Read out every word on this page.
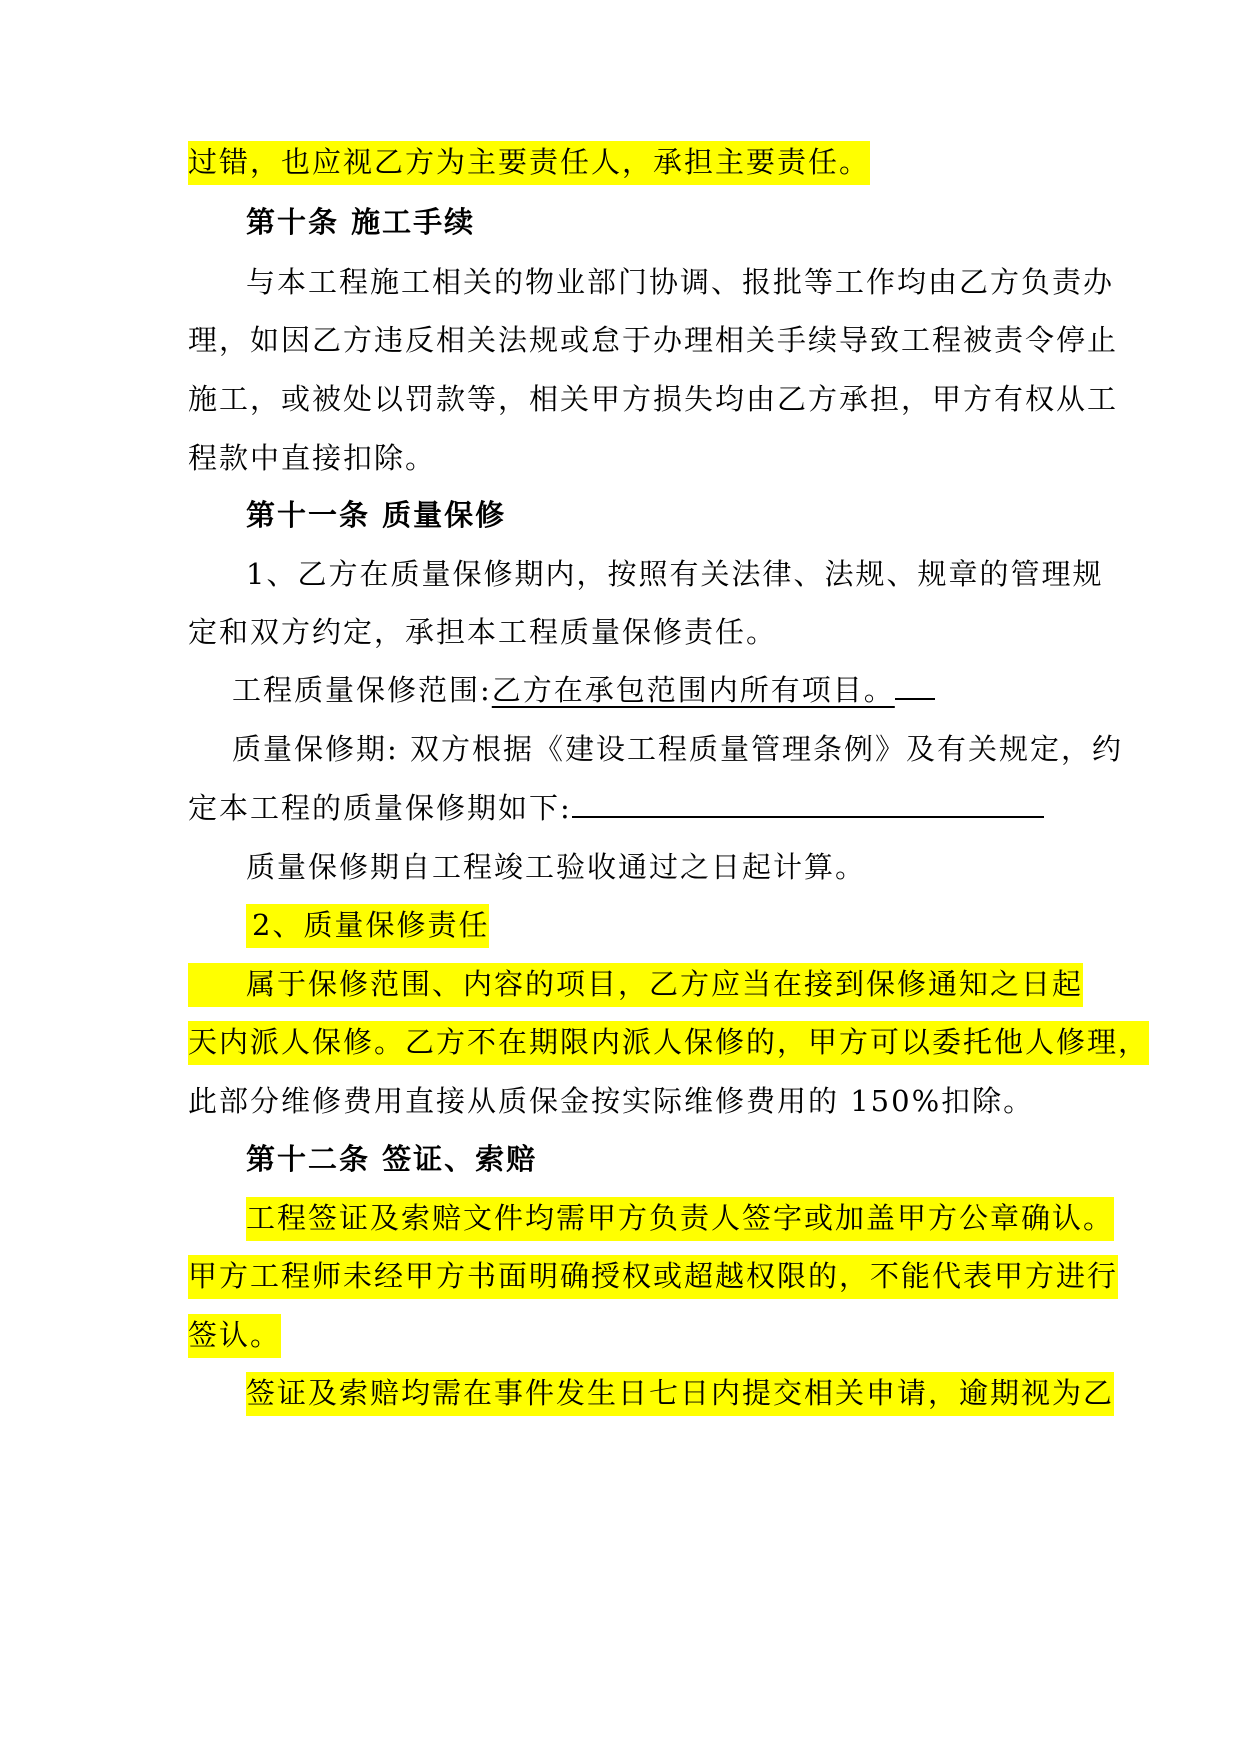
过错，也应视乙方为主要责任人，承担主要责任。
第十条 施工手续
与本工程施工相关的物业部门协调、报批等工作均由乙方负责办
理，如因乙方违反相关法规或怠于办理相关手续导致工程被责令停止
施工，或被处以罚款等，相关甲方损失均由乙方承担，甲方有权从工
程款中直接扣除。
第十一条 质量保修
1、乙方在质量保修期内，按照有关法律、法规、规章的管理规
定和双方约定，承担本工程质量保修责任。
工程质量保修范围:乙方在承包范围内所有项目。
质量保修期: 双方根据《建设工程质量管理条例》及有关规定，约
定本工程的质量保修期如下:
质量保修期自工程竣工验收通过之日起计算。
2、质量保修责任
属于保修范围、内容的项目，乙方应当在接到保修通知之日起
天内派人保修。乙方不在期限内派人保修的，甲方可以委托他人修理，
此部分维修费用直接从质保金按实际维修费用的 150%扣除。
第十二条 签证、索赔
工程签证及索赔文件均需甲方负责人签字或加盖甲方公章确认。
甲方工程师未经甲方书面明确授权或超越权限的，不能代表甲方进行
签认。
签证及索赔均需在事件发生日七日内提交相关申请，逾期视为乙
